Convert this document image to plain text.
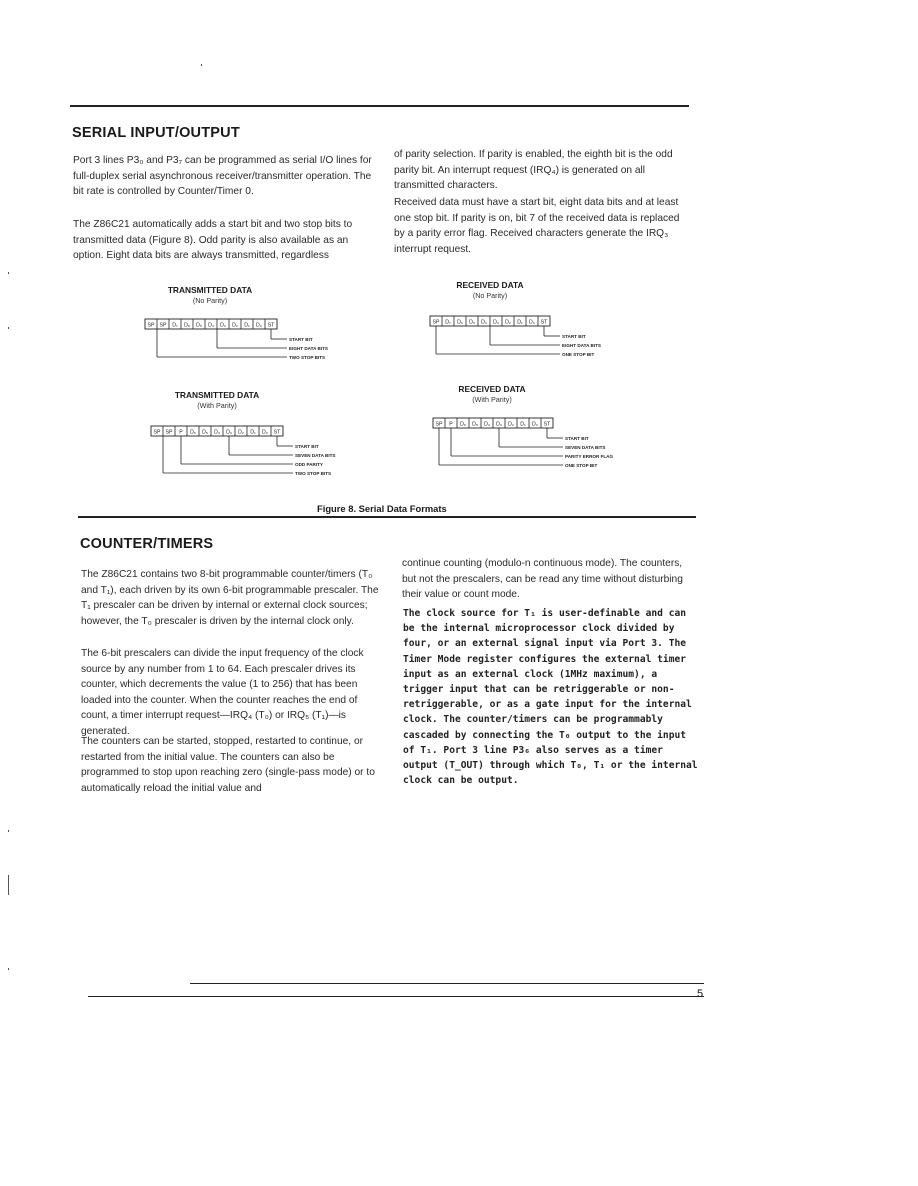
SERIAL INPUT/OUTPUT
Port 3 lines P3₀ and P3₇ can be programmed as serial I/O lines for full-duplex serial asynchronous receiver/transmitter operation. The bit rate is controlled by Counter/Timer 0.
The Z86C21 automatically adds a start bit and two stop bits to transmitted data (Figure 8). Odd parity is also available as an option. Eight data bits are always transmitted, regardless
of parity selection. If parity is enabled, the eighth bit is the odd parity bit. An interrupt request (IRQ₄) is generated on all transmitted characters.
Received data must have a start bit, eight data bits and at least one stop bit. If parity is on, bit 7 of the received data is replaced by a parity error flag. Received characters generate the IRQ₃ interrupt request.
TRANSMITTED DATA
(No Parity)
SP SP D₇ D₆ D₅ D₄ D₃ D₂ D₁ D₀ ST
START BIT
EIGHT DATA BITS
TWO STOP BITS
RECEIVED DATA
(No Parity)
SP D₇ D₆ D₅ D₄ D₃ D₂ D₁ D₀ ST
START BIT
EIGHT DATA BITS
ONE STOP BIT
TRANSMITTED DATA
(With Parity)
SP SP P D₆ D₅ D₄ D₃ D₂ D₁ D₀ ST
START BIT
SEVEN DATA BITS
ODD PARITY
TWO STOP BITS
RECEIVED DATA
(With Parity)
SP P D₆ D₅ D₄ D₃ D₂ D₁ D₀ ST
START BIT
SEVEN DATA BITS
PARITY ERROR FLAG
ONE STOP BIT
Figure 8. Serial Data Formats
COUNTER/TIMERS
The Z86C21 contains two 8-bit programmable counter/timers (T₀ and T₁), each driven by its own 6-bit programmable prescaler. The T₁ prescaler can be driven by internal or external clock sources; however, the T₀ prescaler is driven by the internal clock only.
The 6-bit prescalers can divide the input frequency of the clock source by any number from 1 to 64. Each prescaler drives its counter, which decrements the value (1 to 256) that has been loaded into the counter. When the counter reaches the end of count, a timer interrupt request—IRQ₄ (T₀) or IRQ₅ (T₁)—is generated.
The counters can be started, stopped, restarted to continue, or restarted from the initial value. The counters can also be programmed to stop upon reaching zero (single-pass mode) or to automatically reload the initial value and
continue counting (modulo-n continuous mode). The counters, but not the prescalers, can be read any time without disturbing their value or count mode.
The clock source for T₁ is user-definable and can be the internal microprocessor clock divided by four, or an external signal input via Port 3. The Timer Mode register configures the external timer input as an external clock (1MHz maximum), a trigger input that can be retriggerable or non-retriggerable, or as a gate input for the internal clock. The counter/timers can be programmably cascaded by connecting the T₀ output to the input of T₁. Port 3 line P3₆ also serves as a timer output (T_OUT) through which T₀, T₁ or the internal clock can be output.
5
